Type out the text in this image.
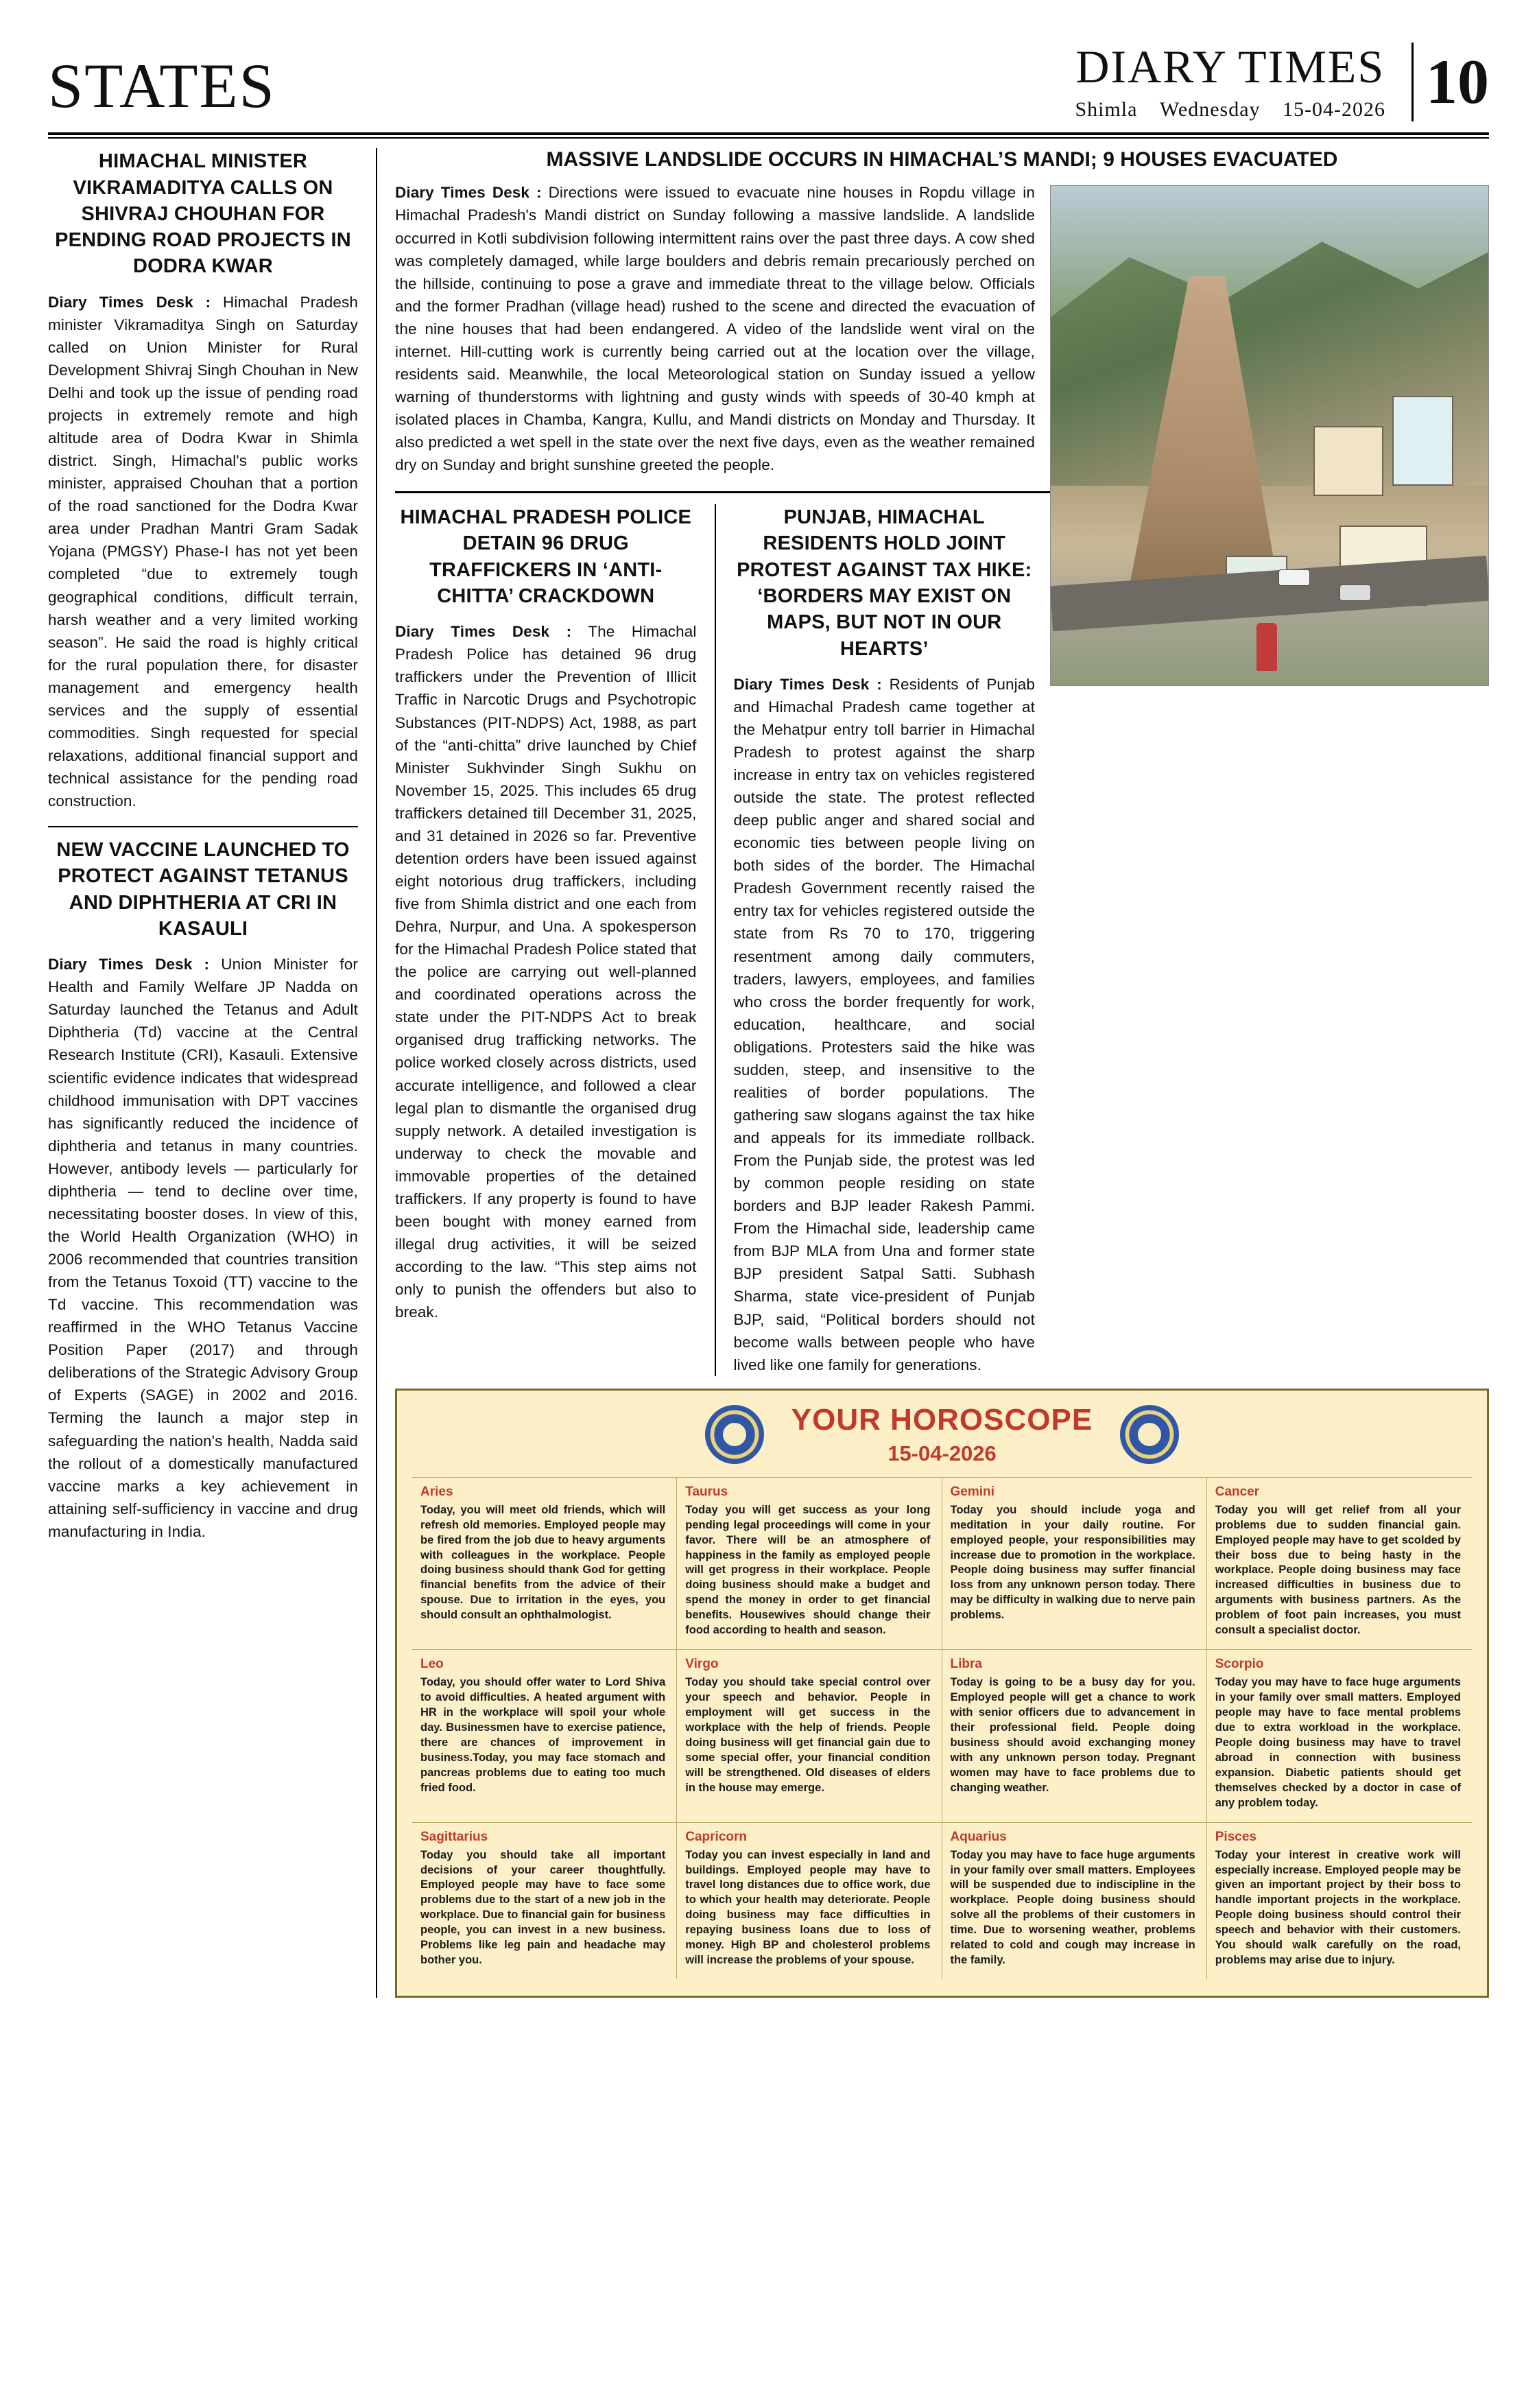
STATES	DIARY TIMES
Shimla Wednesday 15-04-2026 10
HIMACHAL MINISTER VIKRAMADITYA CALLS ON SHIVRAJ CHOUHAN FOR PENDING ROAD PROJECTS IN DODRA KWAR

Diary Times Desk : Himachal Pradesh minister Vikramaditya Singh on Saturday called on Union Minister for Rural Development Shivraj Singh Chouhan in New Delhi and took up the issue of pending road projects in extremely remote and high altitude area of Dodra Kwar in Shimla district. Singh, Himachal's public works minister, appraised Chouhan that a portion of the road sanctioned for the Dodra Kwar area under Pradhan Mantri Gram Sadak Yojana (PMGSY) Phase-I has not yet been completed “due to extremely tough geographical conditions, difficult terrain, harsh weather and a very limited working season”. He said the road is highly critical for the rural population there, for disaster management and emergency health services and the supply of essential commodities. Singh requested for special relaxations, additional financial support and technical assistance for the pending road construction.

NEW VACCINE LAUNCHED TO PROTECT AGAINST TETANUS AND DIPHTHERIA AT CRI IN KASAULI

Diary Times Desk : Union Minister for Health and Family Welfare JP Nadda on Saturday launched the Tetanus and Adult Diphtheria (Td) vaccine at the Central Research Institute (CRI), Kasauli. Extensive scientific evidence indicates that widespread childhood immunisation with DPT vaccines has significantly reduced the incidence of diphtheria and tetanus in many countries. However, antibody levels — particularly for diphtheria — tend to decline over time, necessitating booster doses. In view of this, the World Health Organization (WHO) in 2006 recommended that countries transition from the Tetanus Toxoid (TT) vaccine to the Td vaccine. This recommendation was reaffirmed in the WHO Tetanus Vaccine Position Paper (2017) and through deliberations of the Strategic Advisory Group of Experts (SAGE) in 2002 and 2016. Terming the launch a major step in safeguarding the nation's health, Nadda said the rollout of a domestically manufactured vaccine marks a key achievement in attaining self-sufficiency in vaccine and drug manufacturing in India.

MASSIVE LANDSLIDE OCCURS IN HIMACHAL’S MANDI; 9 HOUSES EVACUATED

Diary Times Desk : Directions were issued to evacuate nine houses in Ropdu village in Himachal Pradesh's Mandi district on Sunday following a massive landslide. A landslide occurred in Kotli subdivision following intermittent rains over the past three days. A cow shed was completely damaged, while large boulders and debris remain precariously perched on the hillside, continuing to pose a grave and immediate threat to the village below. Officials and the former Pradhan (village head) rushed to the scene and directed the evacuation of the nine houses that had been endangered. A video of the landslide went viral on the internet. Hill-cutting work is currently being carried out at the location over the village, residents said. Meanwhile, the local Meteorological station on Sunday issued a yellow warning of thunderstorms with lightning and gusty winds with speeds of 30-40 kmph at isolated places in Chamba, Kangra, Kullu, and Mandi districts on Monday and Thursday. It also predicted a wet spell in the state over the next five days, even as the weather remained dry on Sunday and bright sunshine greeted the people.

HIMACHAL PRADESH POLICE DETAIN 96 DRUG TRAFFICKERS IN ‘ANTI-CHITTA’ CRACKDOWN

Diary Times Desk : The Himachal Pradesh Police has detained 96 drug traffickers under the Prevention of Illicit Traffic in Narcotic Drugs and Psychotropic Substances (PIT-NDPS) Act, 1988, as part of the “anti-chitta” drive launched by Chief Minister Sukhvinder Singh Sukhu on November 15, 2025. This includes 65 drug traffickers detained till December 31, 2025, and 31 detained in 2026 so far. Preventive detention orders have been issued against eight notorious drug traffickers, including five from Shimla district and one each from Dehra, Nurpur, and Una. A spokesperson for the Himachal Pradesh Police stated that the police are carrying out well-planned and coordinated operations across the state under the PIT-NDPS Act to break organised drug trafficking networks. The police worked closely across districts, used accurate intelligence, and followed a clear legal plan to dismantle the organised drug supply network. A detailed investigation is underway to check the movable and immovable properties of the detained traffickers. If any property is found to have been bought with money earned from illegal drug activities, it will be seized according to the law. “This step aims not only to punish the offenders but also to break.

PUNJAB, HIMACHAL RESIDENTS HOLD JOINT PROTEST AGAINST TAX HIKE: ‘BORDERS MAY EXIST ON MAPS, BUT NOT IN OUR HEARTS’

Diary Times Desk : Residents of Punjab and Himachal Pradesh came together at the Mehatpur entry toll barrier in Himachal Pradesh to protest against the sharp increase in entry tax on vehicles registered outside the state. The protest reflected deep public anger and shared social and economic ties between people living on both sides of the border. The Himachal Pradesh Government recently raised the entry tax for vehicles registered outside the state from Rs 70 to 170, triggering resentment among daily commuters, traders, lawyers, employees, and families who cross the border frequently for work, education, healthcare, and social obligations. Protesters said the hike was sudden, steep, and insensitive to the realities of border populations. The gathering saw slogans against the tax hike and appeals for its immediate rollback. From the Punjab side, the protest was led by common people residing on state borders and BJP leader Rakesh Pammi. From the Himachal side, leadership came from BJP MLA from Una and former state BJP president Satpal Satti. Subhash Sharma, state vice-president of Punjab BJP, said, “Political borders should not become walls between people who have lived like one family for generations.

YOUR HOROSCOPE
15-04-2026
Aries
Today, you will meet old friends, which will refresh old memories. Employed people may be fired from the job due to heavy arguments with colleagues in the workplace. People doing business should thank God for getting financial benefits from the advice of their spouse. Due to irritation in the eyes, you should consult an ophthalmologist.
Taurus
Today you will get success as your long pending legal proceedings will come in your favor. There will be an atmosphere of happiness in the family as employed people will get progress in their workplace. People doing business should make a budget and spend the money in order to get financial benefits. Housewives should change their food according to health and season.
Gemini
Today you should include yoga and meditation in your daily routine. For employed people, your responsibilities may increase due to promotion in the workplace. People doing business may suffer financial loss from any unknown person today. There may be difficulty in walking due to nerve pain problems.
Cancer
Today you will get relief from all your problems due to sudden financial gain. Employed people may have to get scolded by their boss due to being hasty in the workplace. People doing business may face increased difficulties in business due to arguments with business partners. As the problem of foot pain increases, you must consult a specialist doctor.
Leo
Today, you should offer water to Lord Shiva to avoid difficulties. A heated argument with HR in the workplace will spoil your whole day. Businessmen have to exercise patience, there are chances of improvement in business.Today, you may face stomach and pancreas problems due to eating too much fried food.
Virgo
Today you should take special control over your speech and behavior. People in employment will get success in the workplace with the help of friends. People doing business will get financial gain due to some special offer, your financial condition will be strengthened. Old diseases of elders in the house may emerge.
Libra
Today is going to be a busy day for you. Employed people will get a chance to work with senior officers due to advancement in their professional field. People doing business should avoid exchanging money with any unknown person today. Pregnant women may have to face problems due to changing weather.
Scorpio
Today you may have to face huge arguments in your family over small matters. Employed people may have to face mental problems due to extra workload in the workplace. People doing business may have to travel abroad in connection with business expansion. Diabetic patients should get themselves checked by a doctor in case of any problem today.
Sagittarius
Today you should take all important decisions of your career thoughtfully. Employed people may have to face some problems due to the start of a new job in the workplace. Due to financial gain for business people, you can invest in a new business. Problems like leg pain and headache may bother you.
Capricorn
Today you can invest especially in land and buildings. Employed people may have to travel long distances due to office work, due to which your health may deteriorate. People doing business may face difficulties in repaying business loans due to loss of money. High BP and cholesterol problems will increase the problems of your spouse.
Aquarius
Today you may have to face huge arguments in your family over small matters. Employees will be suspended due to indiscipline in the workplace. People doing business should solve all the problems of their customers in time. Due to worsening weather, problems related to cold and cough may increase in the family.
Pisces
Today your interest in creative work will especially increase. Employed people may be given an important project by their boss to handle important projects in the workplace. People doing business should control their speech and behavior with their customers. You should walk carefully on the road, problems may arise due to injury.
